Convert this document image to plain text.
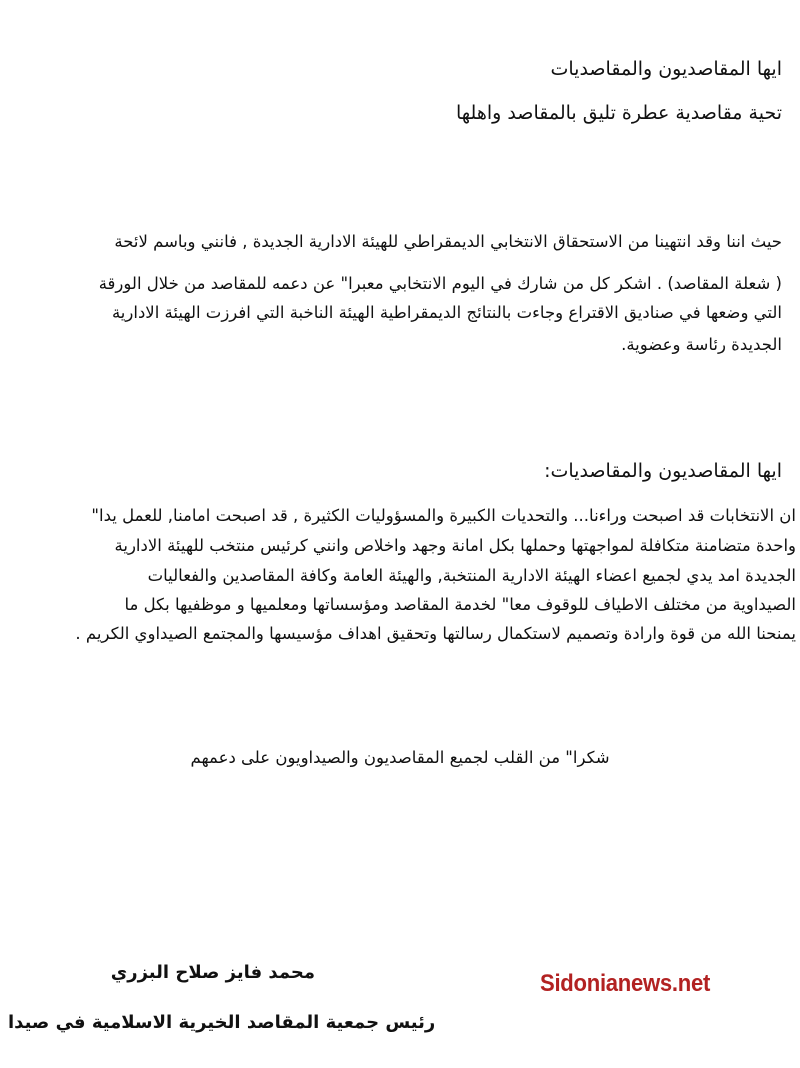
ايها المقاصديون والمقاصديات
تحية مقاصدية عطرة تليق بالمقاصد واهلها
حيث اننا وقد انتهينا من الاستحقاق الانتخابي الديمقراطي للهيئة الادارية الجديدة , فانني وباسم لائحة
( شعلة المقاصد) . اشكر كل من شارك في اليوم الانتخابي معبرا" عن دعمه للمقاصد من خلال الورقة
التي وضعها في صناديق الاقتراع وجاءت بالنتائج الديمقراطية الهيئة الناخبة التي افرزت الهيئة الادارية
الجديدة رئاسة وعضوية.
ايها المقاصديون والمقاصديات:
ان الانتخابات قد اصبحت وراءنا... والتحديات الكبيرة والمسؤوليات الكثيرة , قد اصبحت امامنا, للعمل يدا"
واحدة متضامنة متكافلة لمواجهتها وحملها بكل امانة وجهد واخلاص وانني كرئيس منتخب للهيئة الادارية
الجديدة امد يدي لجميع اعضاء الهيئة الادارية المنتخبة, والهيئة العامة وكافة المقاصدين والفعاليات
الصيداوية من مختلف الاطياف للوقوف معا" لخدمة المقاصد ومؤسساتها ومعلميها و موظفيها بكل ما
يمنحنا الله من قوة وارادة وتصميم لاستكمال رسالتها وتحقيق اهداف مؤسيسها والمجتمع الصيداوي الكريم .
شكرا" من القلب لجميع المقاصديون والصيداويون على دعمهم
محمد فايز صلاح البزري
رئيس جمعية المقاصد الخيرية الاسلامية في صيدا
Sidonianews.net
